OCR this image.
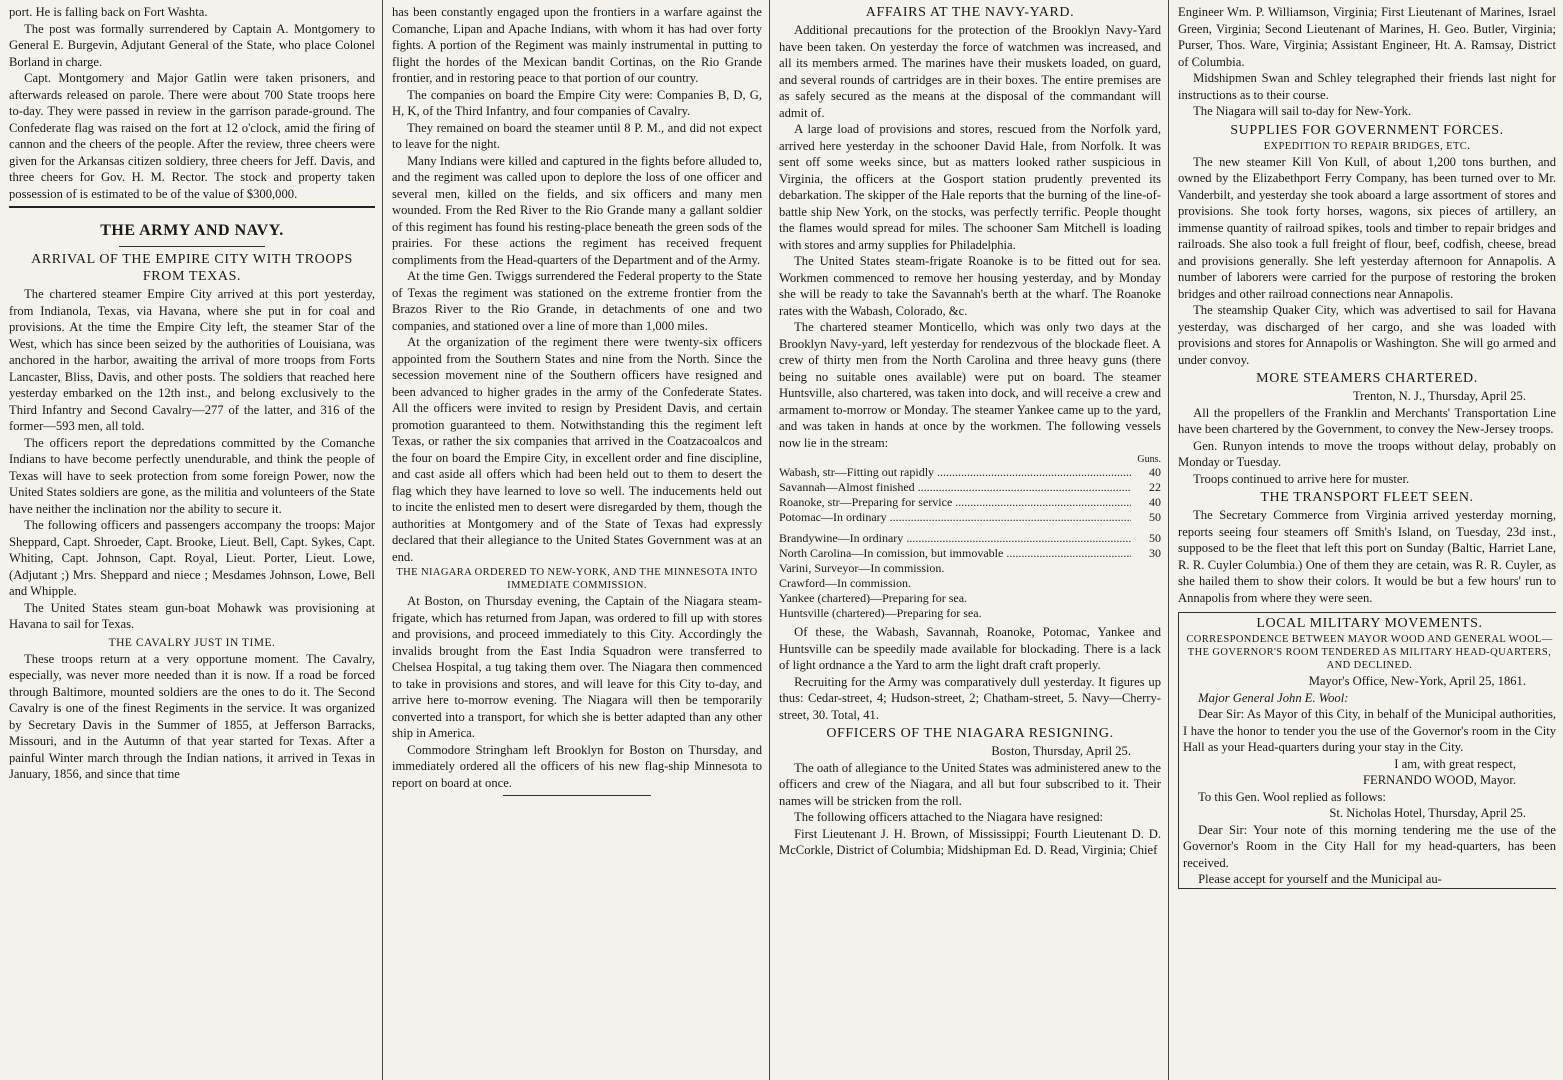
port. He is falling back on Fort Washta.

The post was formally surrendered by Captain A. Montgomery to General E. Burgevin, Adjutant General of the State, who place Colonel Borland in charge.

Capt. Montgomery and Major Gatlin were taken prisoners, and afterwards released on parole. There were about 700 State troops here to-day. They were passed in review in the garrison parade-ground. The Confederate flag was raised on the fort at 12 o'clock, amid the firing of cannon and the cheers of the people. After the review, three cheers were given for the Arkansas citizen soldiery, three cheers for Jeff. Davis, and three cheers for Gov. H. M. Rector. The stock and property taken possession of is estimated to be of the value of $300,000.

THE ARMY AND NAVY.
ARRIVAL OF THE EMPIRE CITY WITH TROOPS FROM TEXAS.

The chartered steamer Empire City arrived at this port yesterday, from Indianola, Texas, via Havana, where she put in for coal and provisions. At the time the Empire City left, the steamer Star of the West, which has since been seized by the authorities of Louisiana, was anchored in the harbor, awaiting the arrival of more troops from Forts Lancaster, Bliss, Davis, and other posts. The soldiers that reached here yesterday embarked on the 12th inst., and belong exclusively to the Third Infantry and Second Cavalry—277 of the latter, and 316 of the former—593 men, all told.

The officers report the depredations committed by the Comanche Indians to have become perfectly unendurable, and think the people of Texas will have to seek protection from some foreign Power, now the United States soldiers are gone, as the militia and volunteers of the State have neither the inclination nor the ability to secure it.

The following officers and passengers accompany the troops: Major Sheppard, Capt. Shroeder, Capt. Brooke, Lieut. Bell, Capt. Sykes, Capt. Whiting, Capt. Johnson, Capt. Royal, Lieut. Porter, Lieut. Lowe, (Adjutant ;) Mrs. Sheppard and niece ; Mesdames Johnson, Lowe, Bell and Whipple.

The United States steam gun-boat Mohawk was provisioning at Havana to sail for Texas.

THE CAVALRY JUST IN TIME.

These troops return at a very opportune moment. The Cavalry, especially, was never more needed than it is now. If a road be forced through Baltimore, mounted soldiers are the ones to do it. The Second Cavalry is one of the finest Regiments in the service. It was organized by Secretary Davis in the Summer of 1855, at Jefferson Barracks, Missouri, and in the Autumn of that year started for Texas. After a painful Winter march through the Indian nations, it arrived in Texas in January, 1856, and since that time

has been constantly engaged upon the frontiers in a warfare against the Comanche, Lipan and Apache Indians, with whom it has had over forty fights. A portion of the Regiment was mainly instrumental in putting to flight the hordes of the Mexican bandit Cortinas, on the Rio Grande frontier, and in restoring peace to that portion of our country.

The companies on board the Empire City were: Companies B, D, G, H, K, of the Third Infantry, and four companies of Cavalry.

They remained on board the steamer until 8 P. M., and did not expect to leave for the night.

Many Indians were killed and captured in the fights before alluded to, and the regiment was called upon to deplore the loss of one officer and several men, killed on the fields, and six officers and many men wounded. From the Red River to the Rio Grande many a gallant soldier of this regiment has found his resting-place beneath the green sods of the prairies. For these actions the regiment has received frequent compliments from the Head-quarters of the Department and of the Army.

At the time Gen. Twiggs surrendered the Federal property to the State of Texas the regiment was stationed on the extreme frontier from the Brazos River to the Rio Grande, in detachments of one and two companies, and stationed over a line of more than 1,000 miles.

At the organization of the regiment there were twenty-six officers appointed from the Southern States and nine from the North. Since the secession movement nine of the Southern officers have resigned and been advanced to higher grades in the army of the Confederate States. All the officers were invited to resign by President Davis, and certain promotion guaranteed to them. Notwithstanding this the regiment left Texas, or rather the six companies that arrived in the Coatzacoalcos and the four on board the Empire City, in excellent order and fine discipline, and cast aside all offers which had been held out to them to desert the flag which they have learned to love so well. The inducements held out to incite the enlisted men to desert were disregarded by them, though the authorities at Montgomery and of the State of Texas had expressly declared that their allegiance to the United States Government was at an end.

THE NIAGARA ORDERED TO NEW-YORK, AND THE MINNESOTA INTO IMMEDIATE COMMISSION.

At Boston, on Thursday evening, the Captain of the Niagara steam-frigate, which has returned from Japan, was ordered to fill up with stores and provisions, and proceed immediately to this City. Accordingly the invalids brought from the East India Squadron were transferred to Chelsea Hospital, a tug taking them over. The Niagara then commenced to take in provisions and stores, and will leave for this City to-day, and arrive here to-morrow evening. The Niagara will then be temporarily converted into a transport, for which she is better adapted than any other ship in America.

Commodore Stringham left Brooklyn for Boston on Thursday, and immediately ordered all the officers of his new flag-ship Minnesota to report on board at once.

AFFAIRS AT THE NAVY-YARD.

Additional precautions for the protection of the Brooklyn Navy-Yard have been taken. On yesterday the force of watchmen was increased, and all its members armed. The marines have their muskets loaded, on guard, and several rounds of cartridges are in their boxes. The entire premises are as safely secured as the means at the disposal of the commandant will admit of.

A large load of provisions and stores, rescued from the Norfolk yard, arrived here yesterday in the schooner David Hale, from Norfolk. It was sent off some weeks since, but as matters looked rather suspicious in Virginia, the officers at the Gosport station prudently prevented its debarkation. The skipper of the Hale reports that the burning of the line-of-battle ship New York, on the stocks, was perfectly terrific. People thought the flames would spread for miles. The schooner Sam Mitchell is loading with stores and army supplies for Philadelphia.

The United States steam-frigate Roanoke is to be fitted out for sea. Workmen commenced to remove her housing yesterday, and by Monday she will be ready to take the Savannah's berth at the wharf. The Roanoke rates with the Wabash, Colorado, &c.

The chartered steamer Monticello, which was only two days at the Brooklyn Navy-yard, left yesterday for rendezvous of the blockade fleet. A crew of thirty men from the North Carolina and three heavy guns (there being no suitable ones available) were put on board. The steamer Huntsville, also chartered, was taken into dock, and will receive a crew and armament to-morrow or Monday. The steamer Yankee came up to the yard, and was taken in hands at once by the workmen. The following vessels now lie in the stream:

Guns.
Wabash, str—Fitting out rapidly .....	40
Savannah—Almost finished .....	22
Roanoke, str—Preparing for service .....	40
Potomac—In ordinary .....	50
Brandywine—In ordinary .....	50
North Carolina—In comission, but immovable .....	30
Varini, Surveyor—In commission.
Crawford—In commission.
Yankee (chartered)—Preparing for sea.
Huntsville (chartered)—Preparing for sea.

Of these, the Wabash, Savannah, Roanoke, Potomac, Yankee and Huntsville can be speedily made available for blockading. There is a lack of light ordnance a the Yard to arm the light draft craft properly.

Recruiting for the Army was comparatively dull yesterday. It figures up thus: Cedar-street, 4; Hudson-street, 2; Chatham-street, 5. Navy—Cherry-street, 30. Total, 41.

OFFICERS OF THE NIAGARA RESIGNING.

Boston, Thursday, April 25.

The oath of allegiance to the United States was administered anew to the officers and crew of the Niagara, and all but four subscribed to it. Their names will be stricken from the roll.

The following officers attached to the Niagara have resigned:

First Lieutenant J. H. Brown, of Mississippi; Fourth Lieutenant D. D. McCorkle, District of Columbia; Midshipman Ed. D. Read, Virginia; Chief

Engineer Wm. P. Williamson, Virginia; First Lieutenant of Marines, Israel Green, Virginia; Second Lieutenant of Marines, H. Geo. Butler, Virginia; Purser, Thos. Ware, Virginia; Assistant Engineer, Ht. A. Ramsay, District of Columbia.

Midshipmen Swan and Schley telegraphed their friends last night for instructions as to their course.

The Niagara will sail to-day for New-York.

SUPPLIES FOR GOVERNMENT FORCES.
EXPEDITION TO REPAIR BRIDGES, ETC.

The new steamer Kill Von Kull, of about 1,200 tons burthen, and owned by the Elizabethport Ferry Company, has been turned over to Mr. Vanderbilt, and yesterday she took aboard a large assortment of stores and provisions. She took forty horses, wagons, six pieces of artillery, an immense quantity of railroad spikes, tools and timber to repair bridges and railroads. She also took a full freight of flour, beef, codfish, cheese, bread and provisions generally. She left yesterday afternoon for Annapolis. A number of laborers were carried for the purpose of restoring the broken bridges and other railroad connections near Annapolis.

The steamship Quaker City, which was advertised to sail for Havana yesterday, was discharged of her cargo, and she was loaded with provisions and stores for Annapolis or Washington. She will go armed and under convoy.

MORE STEAMERS CHARTERED.

Trenton, N. J., Thursday, April 25.

All the propellers of the Franklin and Merchants' Transportation Line have been chartered by the Government, to convey the New-Jersey troops.

Gen. Runyon intends to move the troops without delay, probably on Monday or Tuesday.

Troops continued to arrive here for muster.

THE TRANSPORT FLEET SEEN.

The Secretary Commerce from Virginia arrived yesterday morning, reports seeing four steamers off Smith's Island, on Tuesday, 23d inst., supposed to be the fleet that left this port on Sunday (Baltic, Harriet Lane, R. R. Cuyler Columbia.) One of them they are cetain, was R. R. Cuyler, as she hailed them to show their colors. It would be but a few hours' run to Annapolis from where they were seen.

LOCAL MILITARY MOVEMENTS.
CORRESPONDENCE BETWEEN MAYOR WOOD AND GENERAL WOOL—THE GOVERNOR'S ROOM TENDERED AS MILITARY HEAD-QUARTERS, AND DECLINED.

Mayor's Office, New-York, April 25, 1861.

Major General John E. Wool:

Dear Sir: As Mayor of this City, in behalf of the Municipal authorities, I have the honor to tender you the use of the Governor's room in the City Hall as your Head-quarters during your stay in the City.

I am, with great respect,

FERNANDO WOOD, Mayor.

To this Gen. Wool replied as follows:

St. Nicholas Hotel, Thursday, April 25.

Dear Sir: Your note of this morning tendering me the use of the Governor's Room in the City Hall for my head-quarters, has been received.

Please accept for yourself and the Municipal au-
